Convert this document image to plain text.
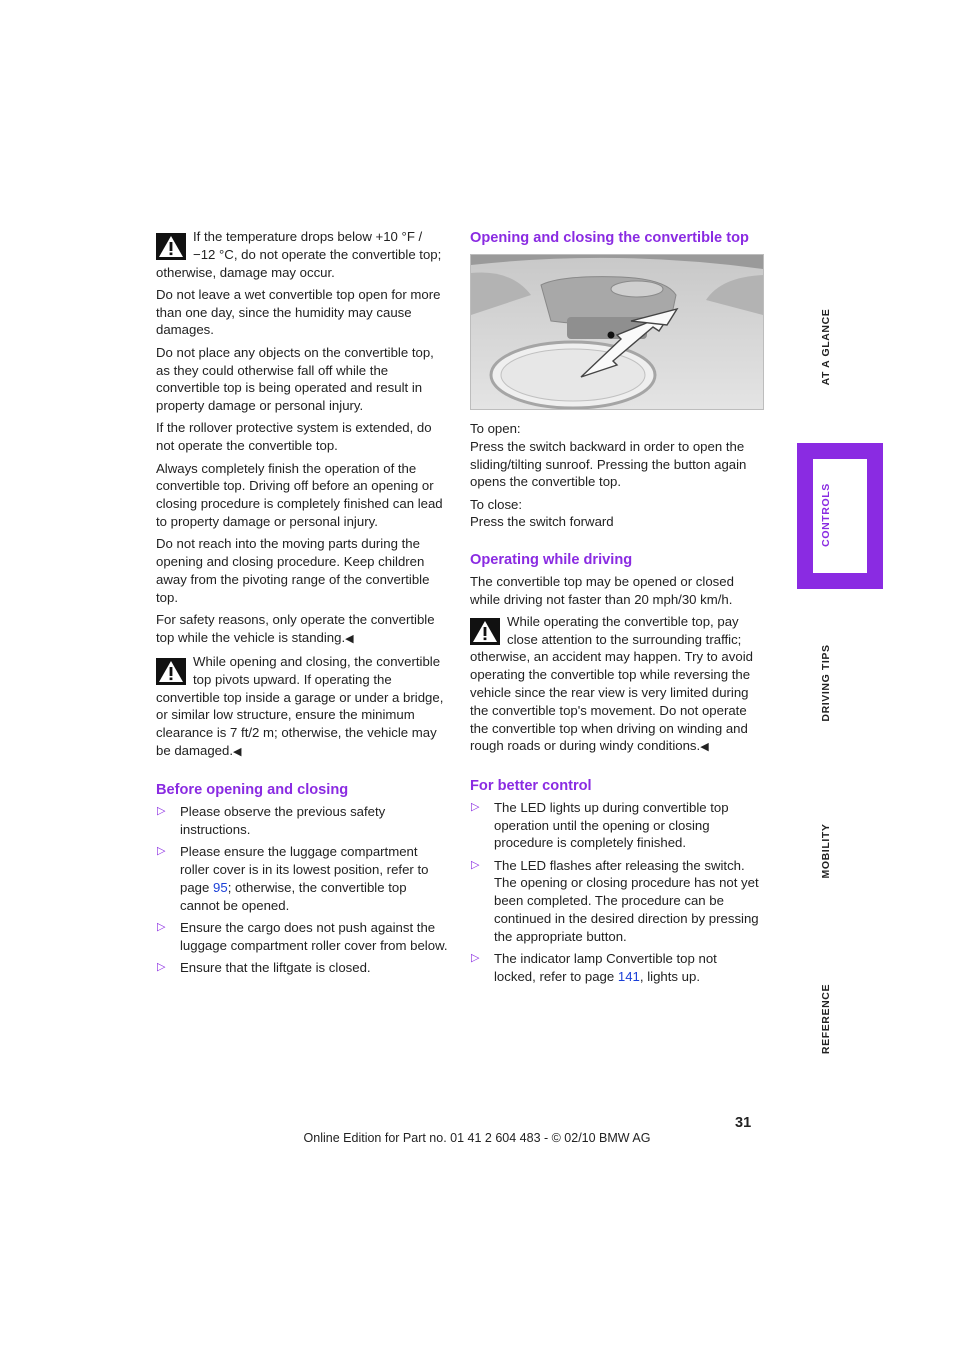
If the temperature drops below +10 °F / −12 °C, do not operate the convertible top; otherwise, damage may occur.

Do not leave a wet convertible top open for more than one day, since the humidity may cause damages.

Do not place any objects on the convertible top, as they could otherwise fall off while the convertible top is being operated and result in property damage or personal injury.

If the rollover protective system is extended, do not operate the convertible top.

Always completely finish the operation of the convertible top. Driving off before an opening or closing procedure is completely finished can lead to property damage or personal injury.

Do not reach into the moving parts during the opening and closing procedure. Keep children away from the pivoting range of the convertible top.

For safety reasons, only operate the convertible top while the vehicle is standing.◀

While opening and closing, the convertible top pivots upward. If operating the convertible top inside a garage or under a bridge, or similar low structure, ensure the minimum clearance is 7 ft/2 m; otherwise, the vehicle may be damaged.◀

Before opening and closing
▷ Please observe the previous safety instructions.
▷ Please ensure the luggage compartment roller cover is in its lowest position, refer to page 95; otherwise, the convertible top cannot be opened.
▷ Ensure the cargo does not push against the luggage compartment roller cover from below.
▷ Ensure that the liftgate is closed.
Opening and closing the convertible top

To open:

Press the switch backward in order to open the sliding/tilting sunroof. Pressing the button again opens the convertible top.

To close:

Press the switch forward

Operating while driving

The convertible top may be opened or closed while driving not faster than 20 mph/30 km/h.

While operating the convertible top, pay close attention to the surrounding traffic; otherwise, an accident may happen. Try to avoid operating the convertible top while reversing the vehicle since the rear view is very limited during the convertible top's movement. Do not operate the convertible top when driving on winding and rough roads or during windy conditions.◀

For better control
▷ The LED lights up during convertible top operation until the opening or closing procedure is completely finished.
▷ The LED flashes after releasing the switch. The opening or closing procedure has not yet been completed. The procedure can be continued in the desired direction by pressing the appropriate button.
▷ The indicator lamp Convertible top not locked, refer to page 141, lights up.
AT A GLANCE
CONTROLS
DRIVING TIPS
MOBILITY
REFERENCE
31
Online Edition for Part no. 01 41 2 604 483 - © 02/10 BMW AG
